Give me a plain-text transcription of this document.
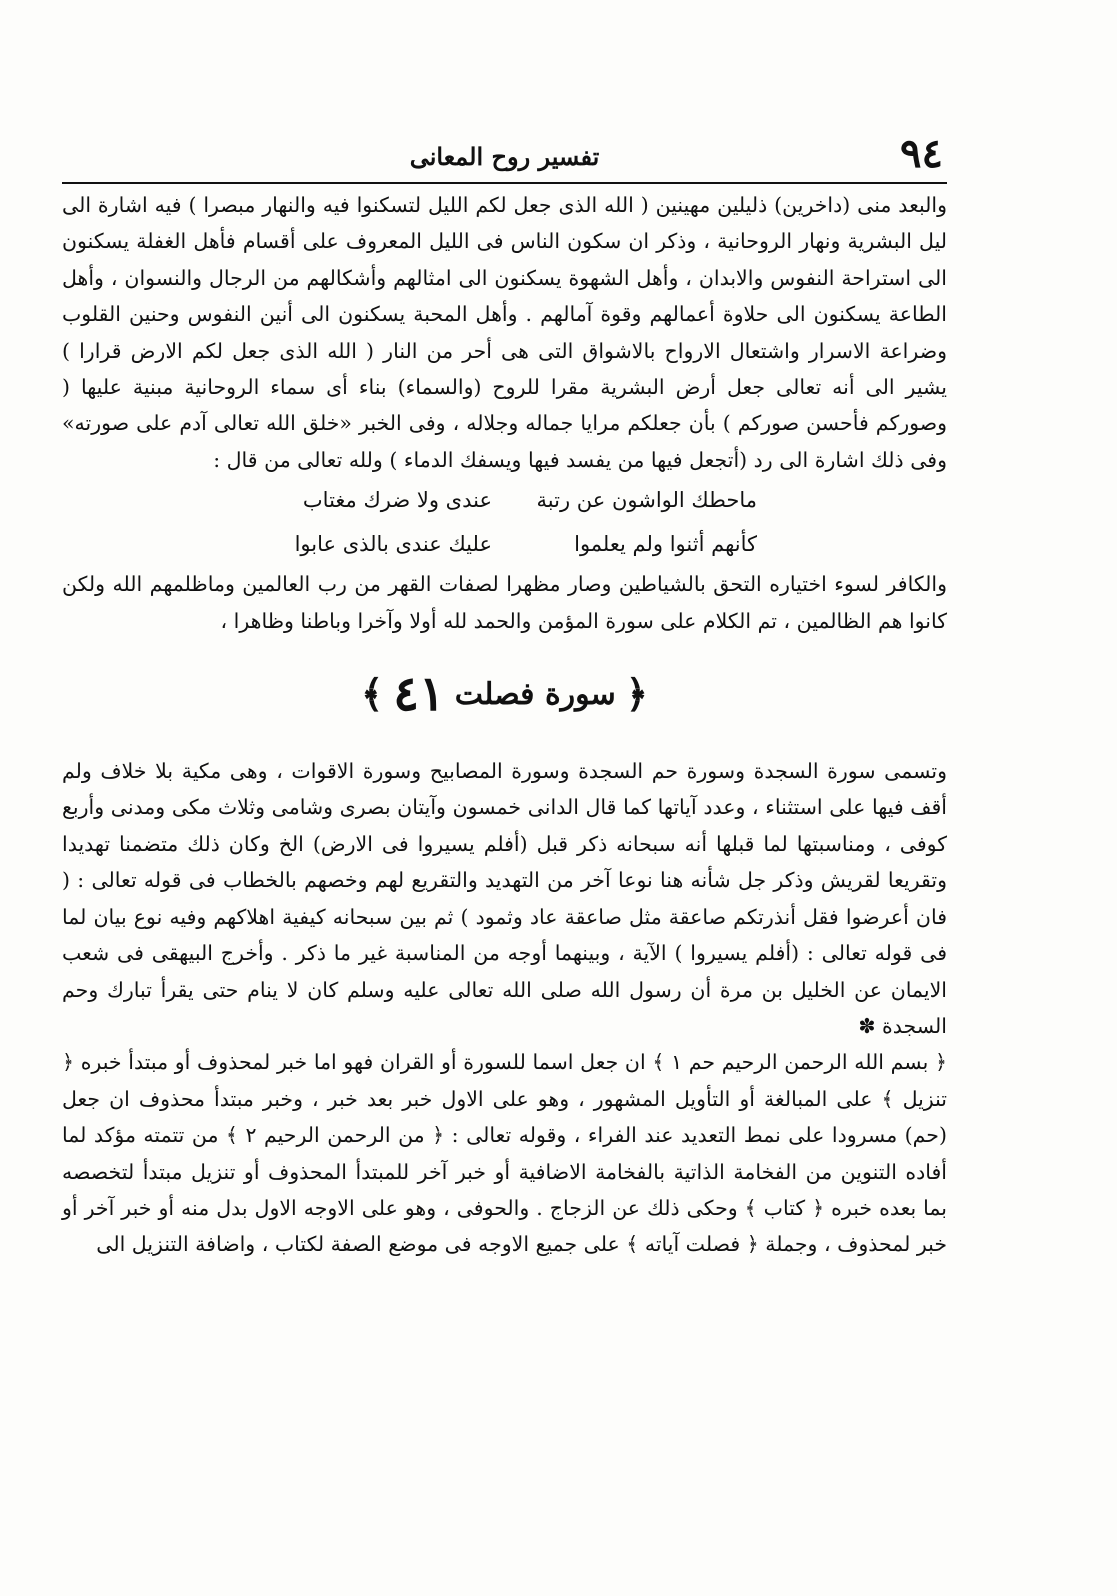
٩٤
تفسير روح المعانى

والبعد منى (داخرين) ذليلين مهينين ( الله الذى جعل لكم الليل لتسكنوا فيه والنهار مبصرا ) فيه اشارة الى ليل البشرية ونهار الروحانية ، وذكر ان سكون الناس فى الليل المعروف على أقسام فأهل الغفلة يسكنون الى استراحة النفوس والابدان ، وأهل الشهوة يسكنون الى امثالهم وأشكالهم من الرجال والنسوان ، وأهل الطاعة يسكنون الى حلاوة أعمالهم وقوة آمالهم . وأهل المحبة يسكنون الى أنين النفوس وحنين القلوب وضراعة الاسرار واشتعال الارواح بالاشواق التى هى أحر من النار ( الله الذى جعل لكم الارض قرارا ) يشير الى أنه تعالى جعل أرض البشرية مقرا للروح (والسماء) بناء أى سماء الروحانية مبنية عليها ( وصوركم فأحسن صوركم ) بأن جعلكم مرايا جماله وجلاله ، وفى الخبر «خلق الله تعالى آدم على صورته» وفى ذلك اشارة الى رد (أتجعل فيها من يفسد فيها ويسفك الدماء ) ولله تعالى من قال :

ماحطك الواشون عن رتبة
عندى ولا ضرك مغتاب
كأنهم أثنوا ولم يعلموا
عليك عندى بالذى عابوا

والكافر لسوء اختياره التحق بالشياطين وصار مظهرا لصفات القهر من رب العالمين وماظلمهم الله ولكن كانوا هم الظالمين ، تم الكلام على سورة المؤمن والحمد لله أولا وآخرا وباطنا وظاهرا ،

﴿
سورة فصلت
٤١
﴾

وتسمى سورة السجدة وسورة حم السجدة وسورة المصابيح وسورة الاقوات ، وهى مكية بلا خلاف ولم أقف فيها على استثناء ، وعدد آياتها كما قال الدانى خمسون وآيتان بصرى وشامى وثلاث مكى ومدنى وأربع كوفى ، ومناسبتها لما قبلها أنه سبحانه ذكر قبل (أفلم يسيروا فى الارض) الخ وكان ذلك متضمنا تهديدا وتقريعا لقريش وذكر جل شأنه هنا نوعا آخر من التهديد والتقريع لهم وخصهم بالخطاب فى قوله تعالى : ( فان أعرضوا فقل أنذرتكم صاعقة مثل صاعقة عاد وثمود ) ثم بين سبحانه كيفية اهلاكهم وفيه نوع بيان لما فى قوله تعالى : (أفلم يسيروا ) الآية ، وبينهما أوجه من المناسبة غير ما ذكر . وأخرج البيهقى فى شعب الايمان عن الخليل بن مرة أن رسول الله صلى الله تعالى عليه وسلم كان لا ينام حتى يقرأ تبارك وحم السجدة ✽

﴿ بسم الله الرحمن الرحيم حم ١ ﴾ ان جعل اسما للسورة أو القران فهو اما خبر لمحذوف أو مبتدأ خبره ﴿ تنزيل ﴾ على المبالغة أو التأويل المشهور ، وهو على الاول خبر بعد خبر ، وخبر مبتدأ محذوف ان جعل (حم) مسرودا على نمط التعديد عند الفراء ، وقوله تعالى : ﴿ من الرحمن الرحيم ٢ ﴾ من تتمته مؤكد لما أفاده التنوين من الفخامة الذاتية بالفخامة الاضافية أو خبر آخر للمبتدأ المحذوف أو تنزيل مبتدأ لتخصصه بما بعده خبره ﴿ كتاب ﴾ وحكى ذلك عن الزجاج . والحوفى ، وهو على الاوجه الاول بدل منه أو خبر آخر أو خبر لمحذوف ، وجملة ﴿ فصلت آياته ﴾ على جميع الاوجه فى موضع الصفة لكتاب ، واضافة التنزيل الى
